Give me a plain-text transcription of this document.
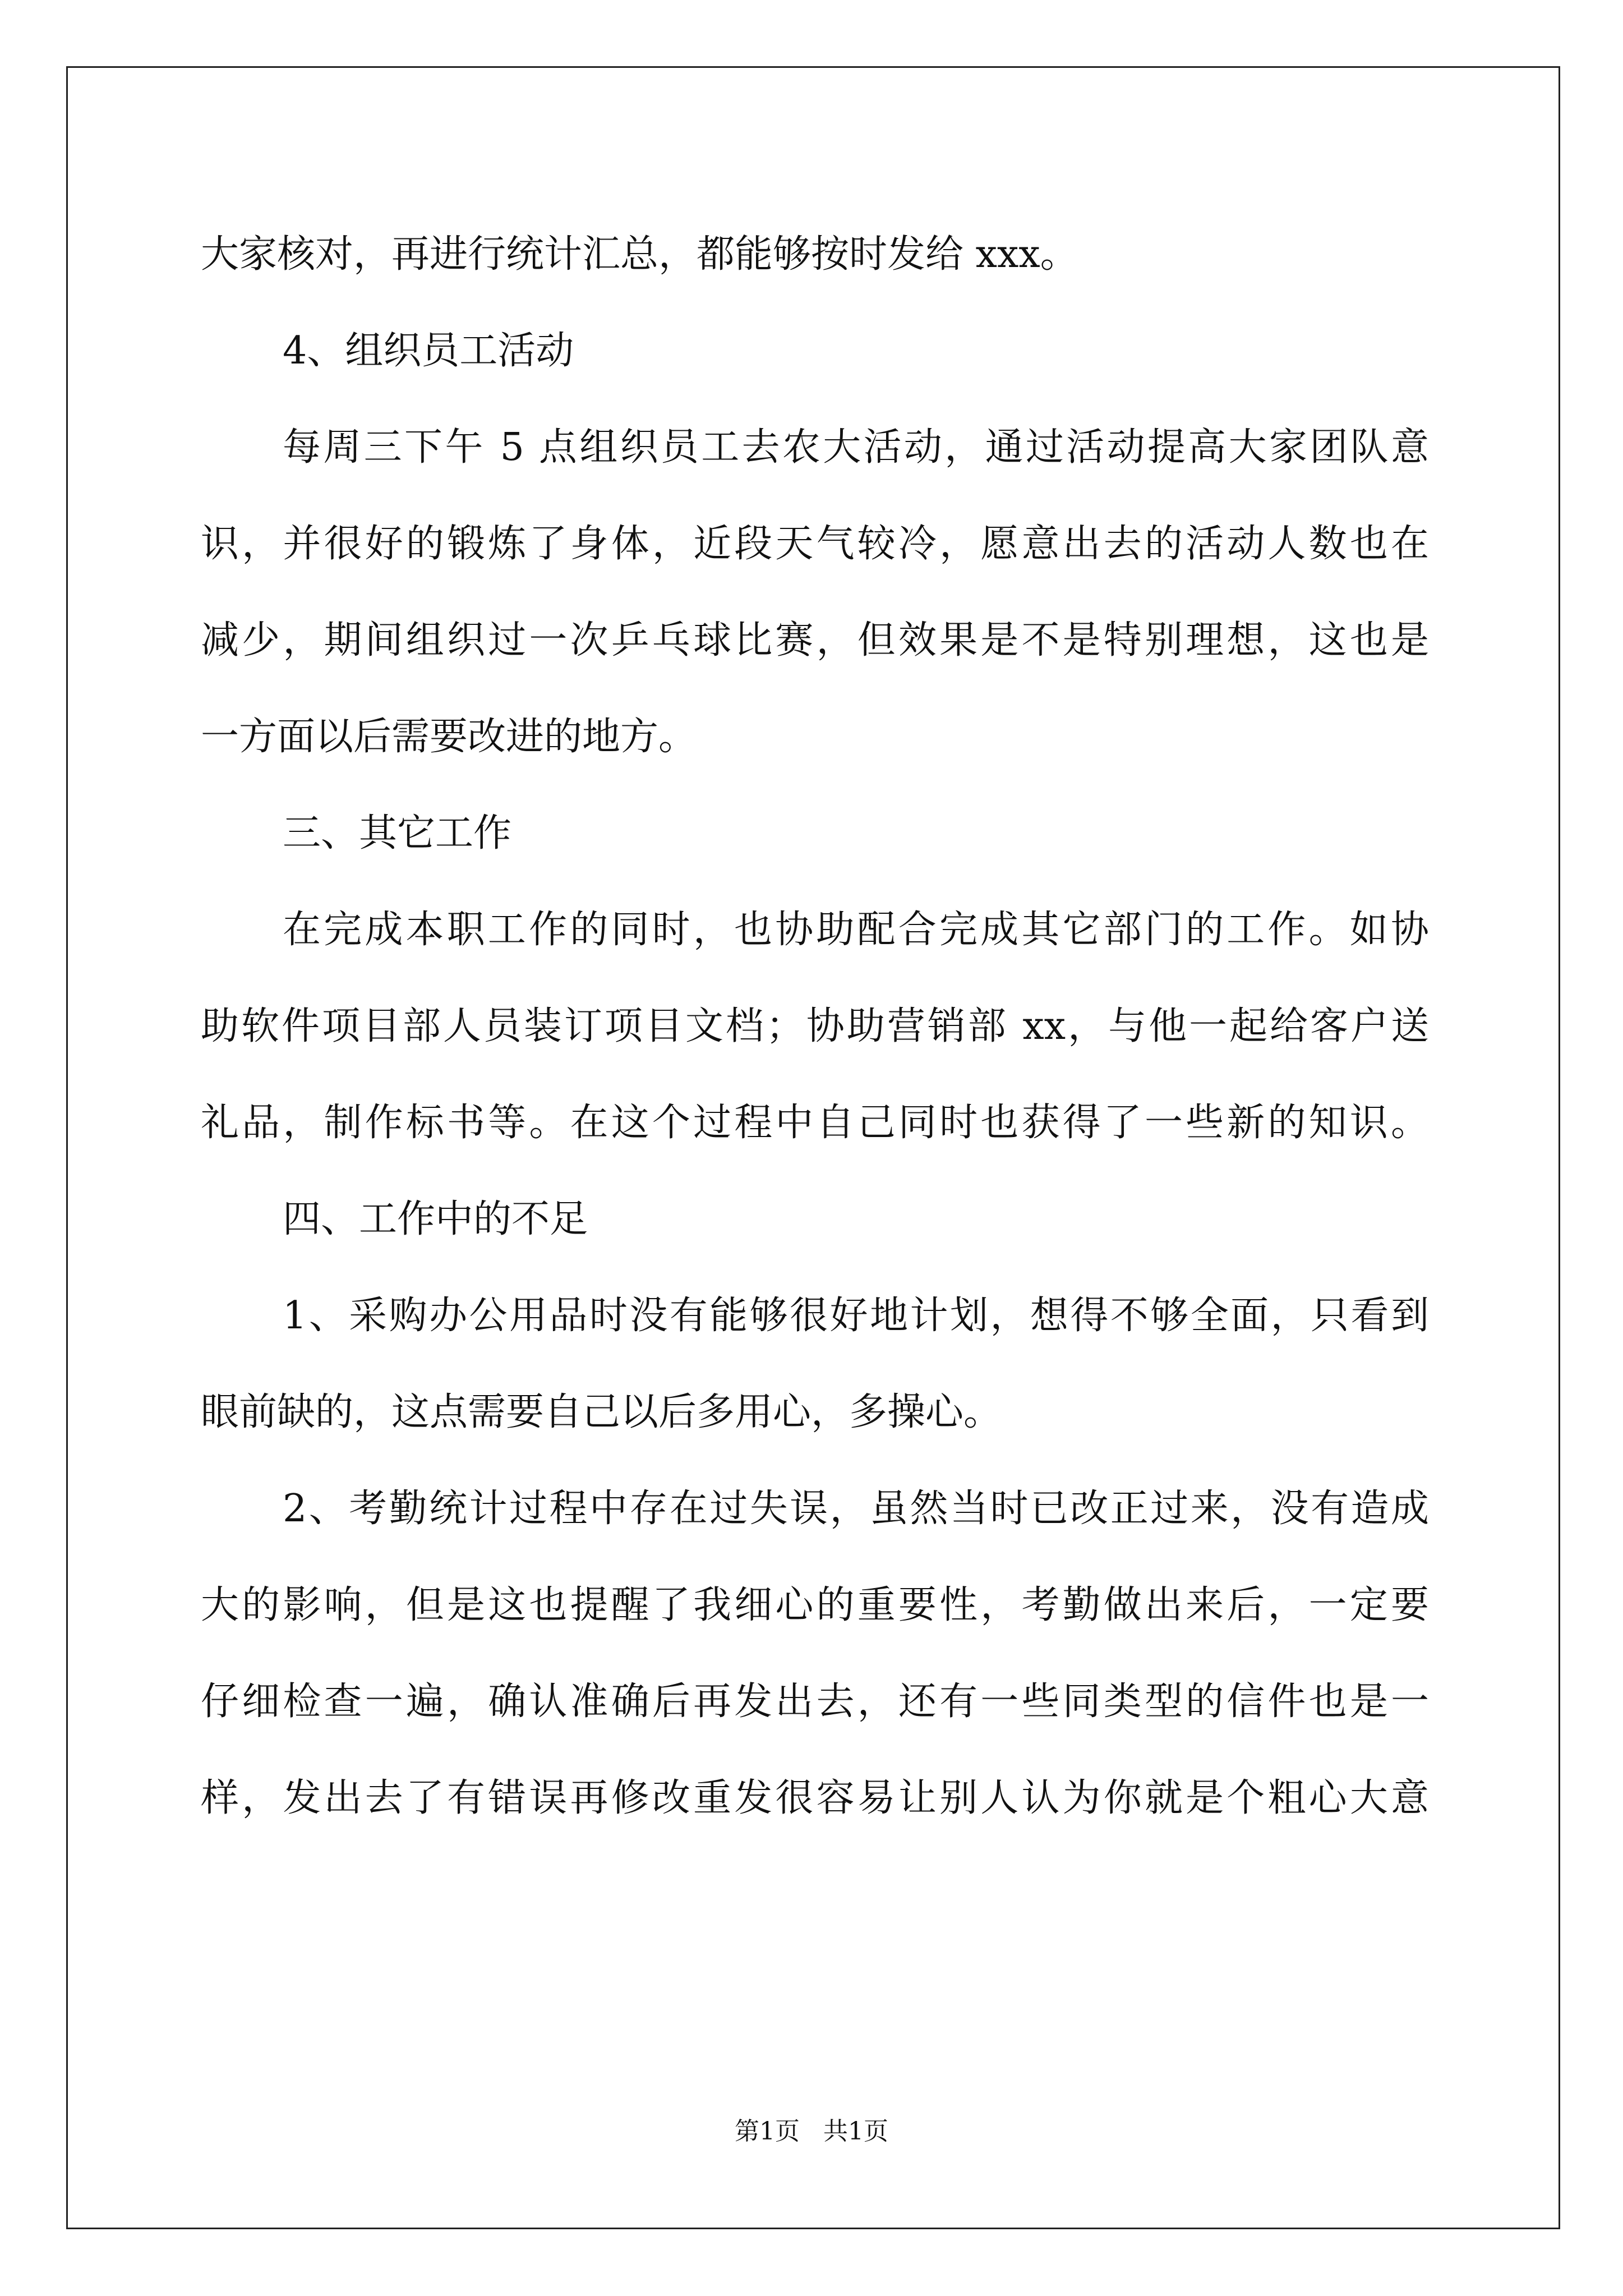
大家核对，再进行统计汇总，都能够按时发给 xxx。
4、组织员工活动
每周三下午 5 点组织员工去农大活动，通过活动提高大家团队意
识，并很好的锻炼了身体，近段天气较冷，愿意出去的活动人数也在
减少，期间组织过一次乒乓球比赛，但效果是不是特别理想，这也是
一方面以后需要改进的地方。
三、其它工作
在完成本职工作的同时，也协助配合完成其它部门的工作。如协
助软件项目部人员装订项目文档；协助营销部 xx，与他一起给客户送
礼品，制作标书等。在这个过程中自己同时也获得了一些新的知识。
四、工作中的不足
1、采购办公用品时没有能够很好地计划，想得不够全面，只看到
眼前缺的，这点需要自己以后多用心，多操心。
2、考勤统计过程中存在过失误，虽然当时已改正过来，没有造成
大的影响，但是这也提醒了我细心的重要性，考勤做出来后，一定要
仔细检查一遍，确认准确后再发出去，还有一些同类型的信件也是一
样，发出去了有错误再修改重发很容易让别人认为你就是个粗心大意
第1页   共1页
